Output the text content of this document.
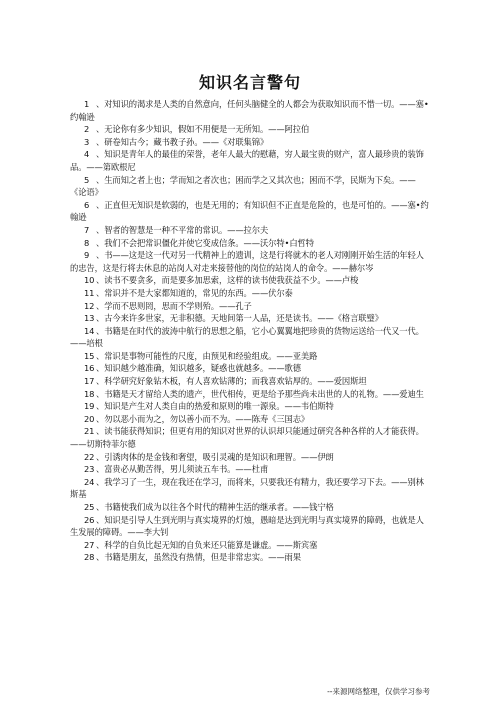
知识名言警句
1 、对知识的渴求是人类的自然意向，任何头脑健全的人都会为获取知识而不惜一切。——塞•约翰逊
2 、无论你有多少知识，假如不用便是一无所知。——阿拉伯
3 、研卷知古今；藏书教子孙。——《对联集锦》
4 、知识是青年人的最佳的荣誉，老年人最大的慰藉，穷人最宝贵的财产，富人最珍贵的装饰品。——第欧根尼
5 、生而知之者上也；学而知之者次也；困而学之又其次也；困而不学，民斯为下矣。——《论语》
6 、正直但无知识是软弱的，也是无用的；有知识但不正直是危险的，也是可怕的。——塞•约翰逊
7 、智者的智慧是一种不平常的常识。——拉尔夫
8 、我们不会把常识僵化并使它变成信条。——沃尔特•白哲特
9 、书——这是这一代对另一代精神上的遗训，这是行将就木的老人对刚刚开始生活的年轻人的忠告，这是行将去休息的站岗人对走来接替他的岗位的站岗人的命令。——赫尔岑
10 、读书不要贪多，而是要多加思索，这样的读书使我获益不少。——卢梭
11 、常识并不是大家都知道的，常见的东西。——伏尔泰
12 、学而不思则罔，思而不学则殆。——孔子
13 、古今来许多世家，无非积德。天地间第一人品，还是读书。——《格言联璧》
14 、书籍是在时代的波涛中航行的思想之船，它小心翼翼地把珍贵的货物运送给一代又一代。——培根
15 、常识是事物可能性的尺度，由预见和经验组成。——亚美路
16 、知识越少越准确，知识越多，疑惑也就越多。——歌德
17 、科学研究好象钻木板，有人喜欢钻薄的；而我喜欢钻厚的。——爱因斯坦
18 、书籍是天才留给人类的遗产，世代相传，更是给予那些尚未出世的人的礼物。——爱迪生
19 、知识是产生对人类自由的热爱和原则的唯一源泉。——韦伯斯特
20 、勿以恶小而为之，勿以善小而不为。——陈寿《三国志》
21 、读书能获得知识；但更有用的知识对世界的认识却只能通过研究各种各样的人才能获得。——切斯特菲尔德
22 、引诱肉体的是金钱和奢望，吸引灵魂的是知识和理智。——伊朗
23 、富贵必从勤苦得，男儿须读五车书。——杜甫
24 、我学习了一生，现在我还在学习，而将来，只要我还有精力，我还要学习下去。——别林斯基
25 、书籍使我们成为以往各个时代的精神生活的继承者。——钱宁格
26 、知识是引导人生到光明与真实境界的灯烛，愚暗是达到光明与真实境界的障碍，也就是人生发展的障碍。——李大钊
27 、科学的自负比起无知的自负来还只能算是谦虚。——斯宾塞
28 、书籍是朋友，虽然没有热情，但是非常忠实。——雨果
--来源网络整理，仅供学习参考
